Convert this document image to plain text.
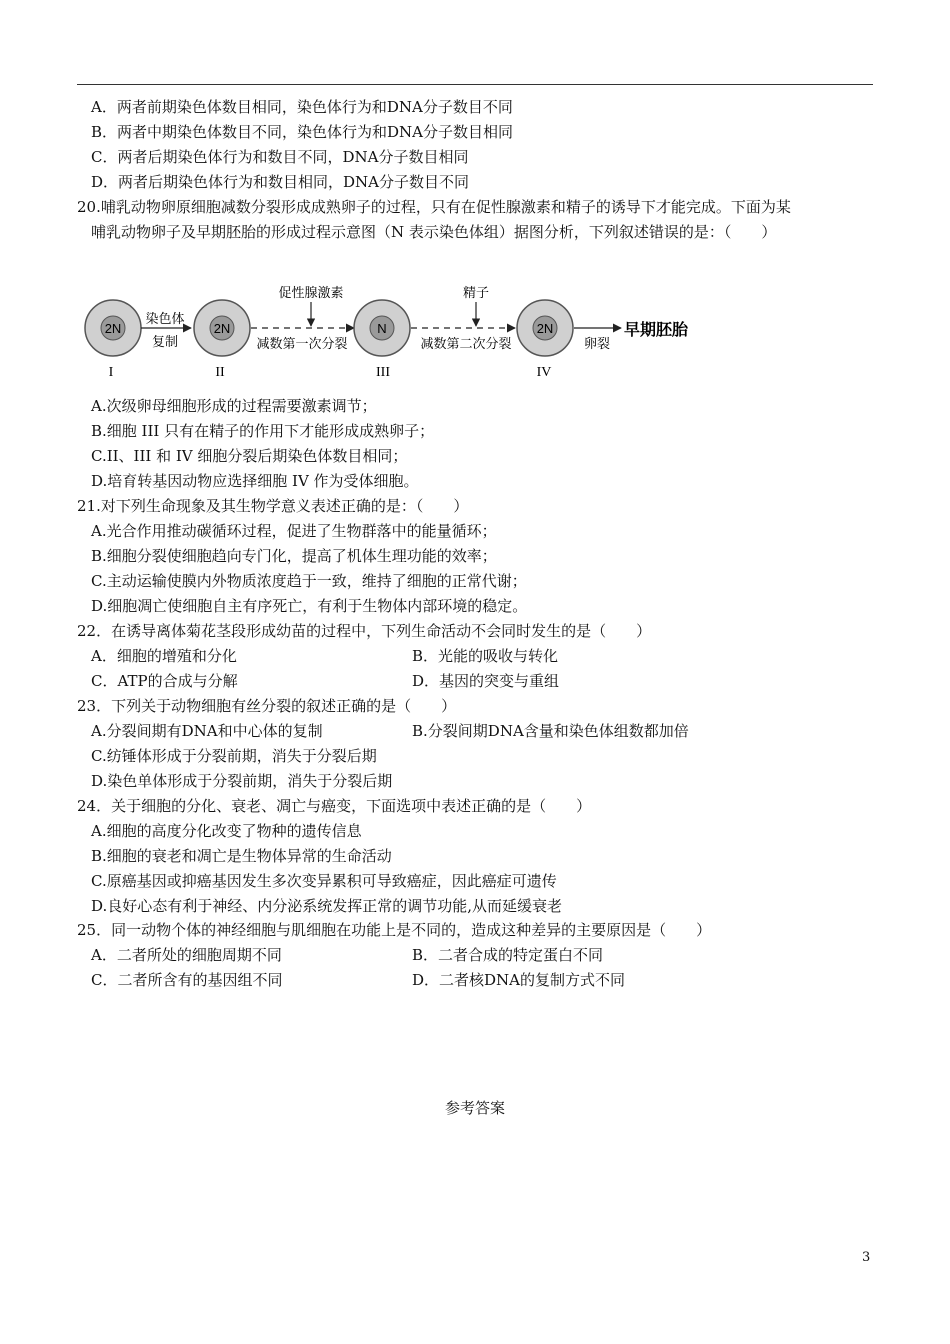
A．两者前期染色体数目相同，染色体行为和DNA分子数目不同
B．两者中期染色体数目不同，染色体行为和DNA分子数目相同
C．两者后期染色体行为和数目不同，DNA分子数目相同
D．两者后期染色体行为和数目相同，DNA分子数目不同
20.哺乳动物卵原细胞减数分裂形成成熟卵子的过程，只有在促性腺激素和精子的诱导下才能完成。下面为某
哺乳动物卵子及早期胚胎的形成过程示意图（N 表示染色体组）据图分析，下列叙述错误的是：（　　）
2N
I
染色体
复制
2N
II
促性腺激素
减数第一次分裂
N
III
精子
减数第二次分裂
2N
IV
卵裂
早期胚胎
A.次级卵母细胞形成的过程需要激素调节；
B.细胞 III 只有在精子的作用下才能形成成熟卵子；
C.II、III 和 IV 细胞分裂后期染色体数目相同；
D.培育转基因动物应选择细胞 IV 作为受体细胞。
21.对下列生命现象及其生物学意义表述正确的是：（　　）
A.光合作用推动碳循环过程，促进了生物群落中的能量循环；
B.细胞分裂使细胞趋向专门化，提高了机体生理功能的效率；
C.主动运输使膜内外物质浓度趋于一致，维持了细胞的正常代谢；
D.细胞凋亡使细胞自主有序死亡，有利于生物体内部环境的稳定。
22．在诱导离体菊花茎段形成幼苗的过程中，下列生命活动不会同时发生的是（　　）
A．细胞的增殖和分化	B．光能的吸收与转化
C．ATP的合成与分解	D．基因的突变与重组
23．下列关于动物细胞有丝分裂的叙述正确的是（　　）
A.分裂间期有DNA和中心体的复制	B.分裂间期DNA含量和染色体组数都加倍
C.纺锤体形成于分裂前期，消失于分裂后期
D.染色单体形成于分裂前期，消失于分裂后期
24．关于细胞的分化、衰老、凋亡与癌变，下面选项中表述正确的是（　　）
A.细胞的高度分化改变了物种的遗传信息
B.细胞的衰老和凋亡是生物体异常的生命活动
C.原癌基因或抑癌基因发生多次变异累积可导致癌症，因此癌症可遗传
D.良好心态有利于神经、内分泌系统发挥正常的调节功能,从而延缓衰老
25．同一动物个体的神经细胞与肌细胞在功能上是不同的，造成这种差异的主要原因是（　　）
A．二者所处的细胞周期不同	B．二者合成的特定蛋白不同
C．二者所含有的基因组不同	D．二者核DNA的复制方式不同
参考答案
3
